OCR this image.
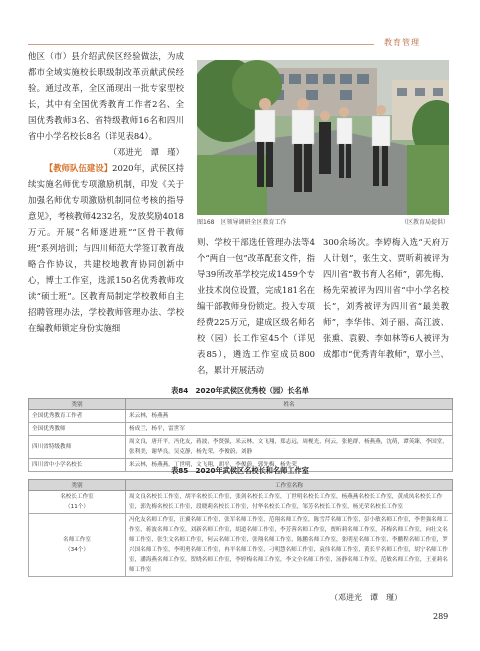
教育管理

他区（市）县介绍武侯区经验做法，为成都市全域实施校长职级制改革贡献武侯经验。通过改革，全区涌现出一批专家型校长，其中有全国优秀教育工作者2名、全国优秀教师3名、省特级教师16名和四川省中小学名校长8名（详见表84）。

（邓进光　谭　瑾）

【教师队伍建设】2020年，武侯区持续实施名师优专项激励机制，印发《关于加强名师优专项激励机制同位考核的指导意见》，考核教师4232名，发放奖励4018万元。开展“名师逐进班”“区骨干教师班”系列培训；与四川师范大学签订教育战略合作协议，共建校地教育协同创新中心，博士工作室，选派150名优秀教师攻读“硕士班”。区教育局制定学校教师自主招聘管理办法，学校教师管理办法、学校在编教师锁定身份实施细

图168　区领导调研全区教育工作	（区教育局提供）

则、学校干部选任管理办法等4个“两自一包”改革配套文件，指导39所改革学校完成1459个专业技术岗位设置，完成181名在编干部教师身份锁定。投入专项经费225万元，建成区级名师名校（园）长工作室45个（详见表85），遴选工作室成员800名，累计开展活动

300余场次。李婷梅入选“天府万人计划”，张生文、贾昕莉被评为四川省“教书育人名师”，郭先梅、杨先荣被评为四川省“中小学名校长”，刘秀被评为四川省“最美教师”，李华伟、刘子丽、高江波、张熏、袁毅、李如林等6人被评为成都市“优秀青年教师”，覃小兰、

表84　2020年武侯区优秀校（园）长名单
类别	姓名
全国优秀教育工作者	米云林，杨燕燕
全国优秀教师	杨成兰，杨平，雷世军
四川省特级教师	周文良，唐开平，冯化友，蒋波，李贤强，米云林，文飞翔，郑志远，周枧光，何云，张艳群，杨燕燕，沈萌，谭英臻，李国堂，张利美，谢华良，吴克静，杨先荣，李俊蔚，刘静
四川省中小学名校长	米云林，杨燕燕，丁世明，文飞翔，胡平，李俊蔚，郭先梅，杨先荣
表85　2020年武侯区名校长和名师工作室
类别	工作室名称
名校长工作室
（11个）	周文良名校长工作室，胡平名校长工作室，张剑名校长工作室，丁世明名校长工作室，杨燕燕名校长工作室，黄成凤名校长工作室，郭先梅名校长工作室，段晓莉名校长工作室，付华名校长工作室，邹芳名校长工作室，杨光荣名校长工作室
名师工作室
（34个）	冯化友名师工作室，汪翼名师工作室，张军名师工作室，范翔名师工作室，陈雪芹名师工作室，彭小敏名师工作室，李世强名师工作室，蒋波名师工作室，刘新名师工作室，胡道名师工作室，李芳蓉名师工作室，贾昕莉名师工作室，苏梅名师工作室，向壮文名师工作室，张生文名师工作室，何云名师工作室，张翔名师工作室，陈鹏名师工作室，张明星名师工作室，李鹏程名师工作室，罗兴国名师工作室，李明勇名师工作室，冉平名师工作室，刁明慧名师工作室，袁伟名师工作室，黄长平名师工作室，胡宁名师工作室，潘海燕名师工作室，贺晓名师工作室，李婷梅名师工作室，李文全名师工作室，汤静名师工作室，范敏名师工作室，王亚莉名师工作室
（邓进光　谭　瑾）
289
